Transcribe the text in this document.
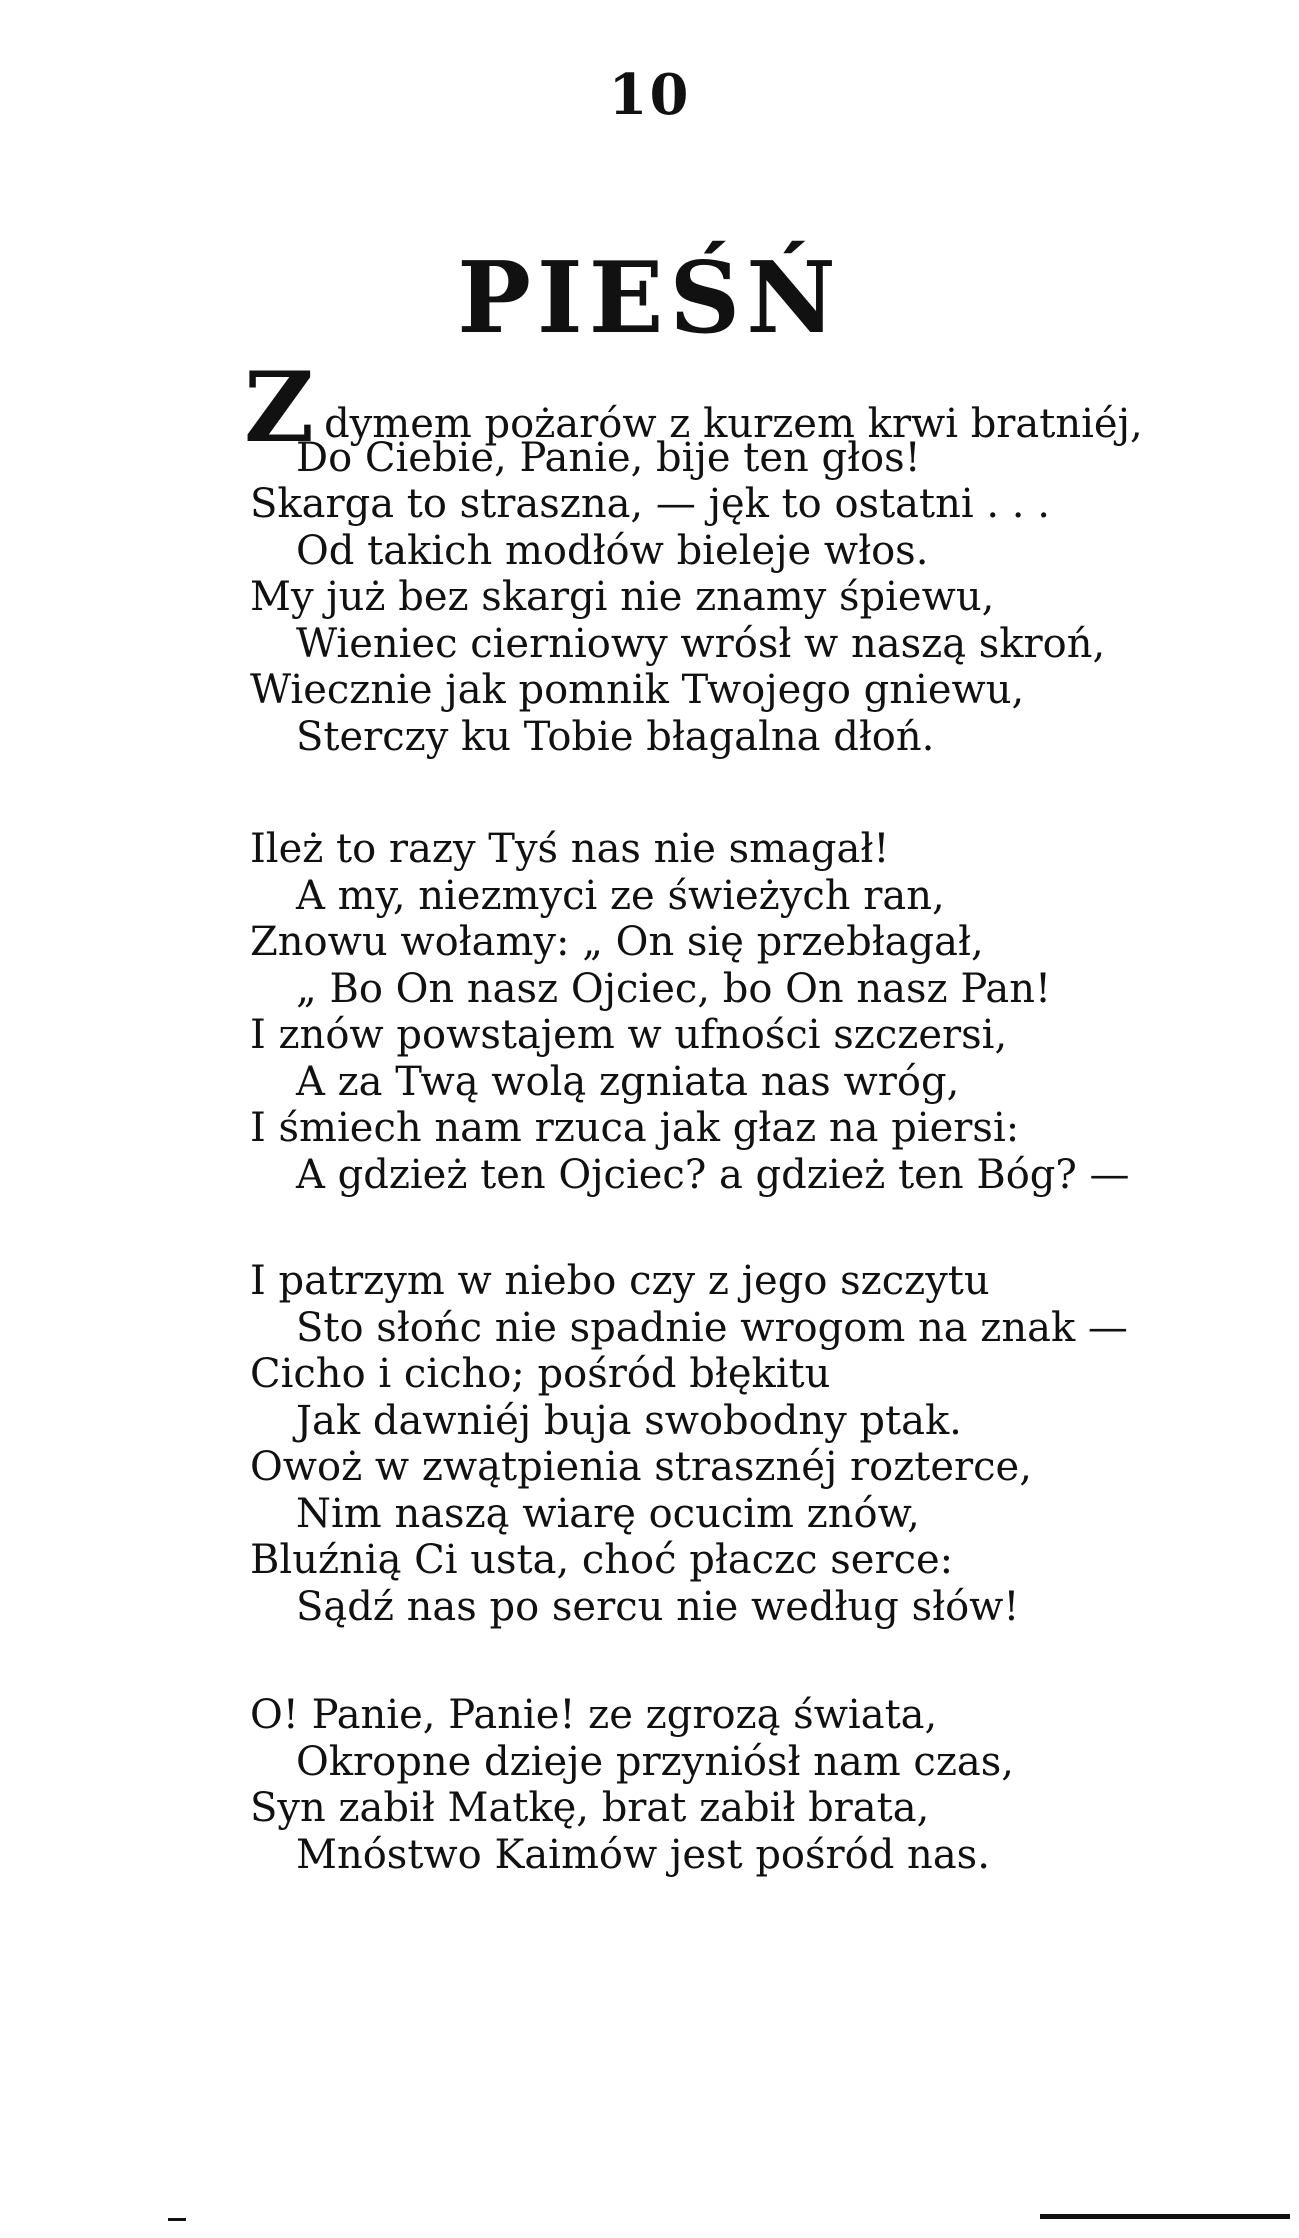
10
PIEŚŃ
Zdymem pożarów z kurzem krwi bratniéj,
Do Ciebie, Panie, bije ten głos!
Skarga to straszna, — jęk to ostatni . . .
Od takich modłów bieleje włos.
My już bez skargi nie znamy śpiewu,
Wieniec cierniowy wrósł w naszą skroń,
Wiecznie jak pomnik Twojego gniewu,
Sterczy ku Tobie błagalna dłoń.
Ileż to razy Tyś nas nie smagał!
A my, niezmyci ze świeżych ran,
Znowu wołamy: „ On się przebłagał,
„ Bo On nasz Ojciec, bo On nasz Pan!
I znów powstajem w ufności szczersi,
A za Twą wolą zgniata nas wróg,
I śmiech nam rzuca jak głaz na piersi:
A gdzież ten Ojciec? a gdzież ten Bóg? —
I patrzym w niebo czy z jego szczytu
Sto słońc nie spadnie wrogom na znak —
Cicho i cicho; pośród błękitu
Jak dawniéj buja swobodny ptak.
Owoż w zwątpienia strasznéj rozterce,
Nim naszą wiarę ocucim znów,
Bluźnią Ci usta, choć płaczc serce:
Sądź nas po sercu nie według słów!
O! Panie, Panie! ze zgrozą świata,
Okropne dzieje przyniósł nam czas,
Syn zabił Matkę, brat zabił brata,
Mnóstwo Kaimów jest pośród nas.
